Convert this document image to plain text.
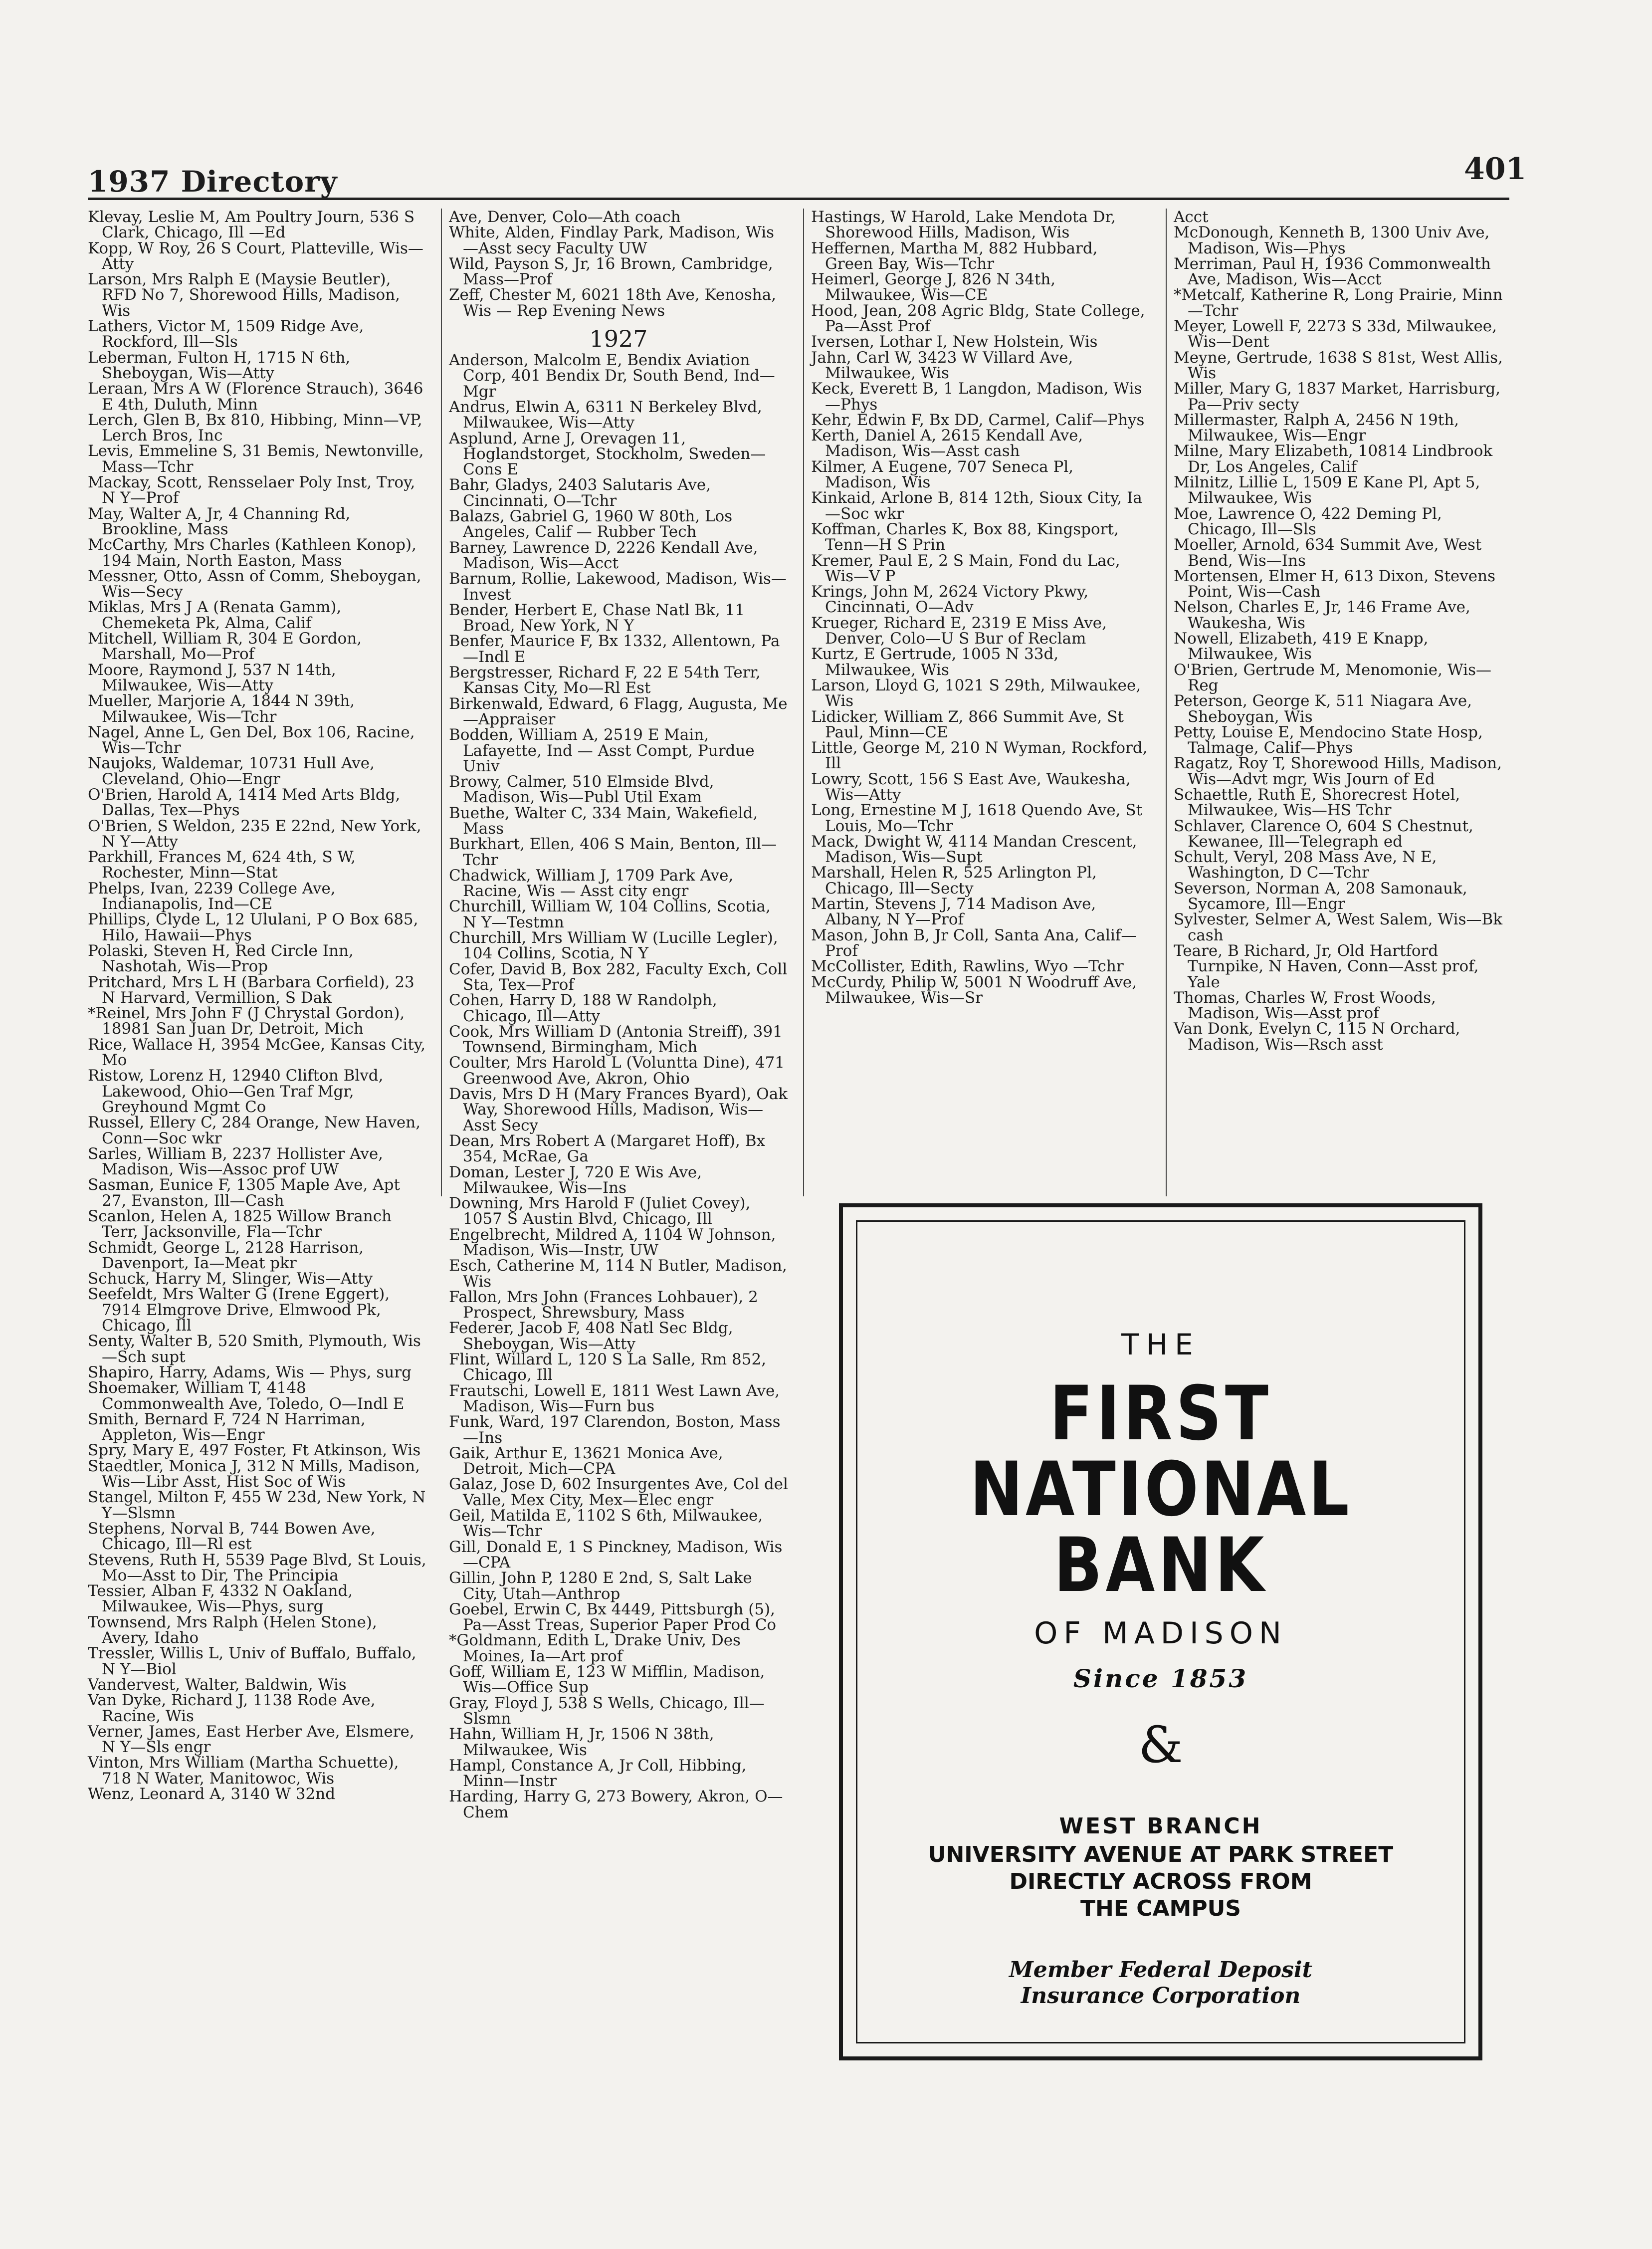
1937 Directory	401
Klevay, Leslie M, Am Poultry Journ, 536 S Clark, Chicago, Ill —Ed
Kopp, W Roy, 26 S Court, Platteville, Wis—Atty
Larson, Mrs Ralph E (Maysie Beutler), RFD No 7, Shorewood Hills, Madison, Wis
Lathers, Victor M, 1509 Ridge Ave, Rockford, Ill—Sls
Leberman, Fulton H, 1715 N 6th, Sheboygan, Wis—Atty
Leraan, Mrs A W (Florence Strauch), 3646 E 4th, Duluth, Minn
Lerch, Glen B, Bx 810, Hibbing, Minn—VP, Lerch Bros, Inc
Levis, Emmeline S, 31 Bemis, Newtonville, Mass—Tchr
Mackay, Scott, Rensselaer Poly Inst, Troy, N Y—Prof
May, Walter A, Jr, 4 Channing Rd, Brookline, Mass
McCarthy, Mrs Charles (Kathleen Konop), 194 Main, North Easton, Mass
Messner, Otto, Assn of Comm, Sheboygan, Wis—Secy
Miklas, Mrs J A (Renata Gamm), Chemeketa Pk, Alma, Calif
Mitchell, William R, 304 E Gordon, Marshall, Mo—Prof
Moore, Raymond J, 537 N 14th, Milwaukee, Wis—Atty
Mueller, Marjorie A, 1844 N 39th, Milwaukee, Wis—Tchr
Nagel, Anne L, Gen Del, Box 106, Racine, Wis—Tchr
Naujoks, Waldemar, 10731 Hull Ave, Cleveland, Ohio—Engr
O'Brien, Harold A, 1414 Med Arts Bldg, Dallas, Tex—Phys
O'Brien, S Weldon, 235 E 22nd, New York, N Y—Atty
Parkhill, Frances M, 624 4th, S W, Rochester, Minn—Stat
Phelps, Ivan, 2239 College Ave, Indianapolis, Ind—CE
Phillips, Clyde L, 12 Ululani, P O Box 685, Hilo, Hawaii—Phys
Polaski, Steven H, Red Circle Inn, Nashotah, Wis—Prop
Pritchard, Mrs L H (Barbara Corfield), 23 N Harvard, Vermillion, S Dak
*Reinel, Mrs John F (J Chrystal Gordon), 18981 San Juan Dr, Detroit, Mich
Rice, Wallace H, 3954 McGee, Kansas City, Mo
Ristow, Lorenz H, 12940 Clifton Blvd, Lakewood, Ohio—Gen Traf Mgr, Greyhound Mgmt Co
Russel, Ellery C, 284 Orange, New Haven, Conn—Soc wkr
Sarles, William B, 2237 Hollister Ave, Madison, Wis—Assoc prof UW
Sasman, Eunice F, 1305 Maple Ave, Apt 27, Evanston, Ill—Cash
Scanlon, Helen A, 1825 Willow Branch Terr, Jacksonville, Fla—Tchr
Schmidt, George L, 2128 Harrison, Davenport, Ia—Meat pkr
Schuck, Harry M, Slinger, Wis—Atty
Seefeldt, Mrs Walter G (Irene Eggert), 7914 Elmgrove Drive, Elmwood Pk, Chicago, Ill
Senty, Walter B, 520 Smith, Plymouth, Wis—Sch supt
Shapiro, Harry, Adams, Wis — Phys, surg
Shoemaker, William T, 4148 Commonwealth Ave, Toledo, O—Indl E
Smith, Bernard F, 724 N Harriman, Appleton, Wis—Engr
Spry, Mary E, 497 Foster, Ft Atkinson, Wis
Staedtler, Monica J, 312 N Mills, Madison, Wis—Libr Asst, Hist Soc of Wis
Stangel, Milton F, 455 W 23d, New York, N Y—Slsmn
Stephens, Norval B, 744 Bowen Ave, Chicago, Ill—Rl est
Stevens, Ruth H, 5539 Page Blvd, St Louis, Mo—Asst to Dir, The Principia
Tessier, Alban F, 4332 N Oakland, Milwaukee, Wis—Phys, surg
Townsend, Mrs Ralph (Helen Stone), Avery, Idaho
Tressler, Willis L, Univ of Buffalo, Buffalo, N Y—Biol
Vandervest, Walter, Baldwin, Wis
Van Dyke, Richard J, 1138 Rode Ave, Racine, Wis
Verner, James, East Herber Ave, Elsmere, N Y—Sls engr
Vinton, Mrs William (Martha Schuette), 718 N Water, Manitowoc, Wis
Wenz, Leonard A, 3140 W 32nd
Ave, Denver, Colo—Ath coach
White, Alden, Findlay Park, Madison, Wis—Asst secy Faculty UW
Wild, Payson S, Jr, 16 Brown, Cambridge, Mass—Prof
Zeff, Chester M, 6021 18th Ave, Kenosha, Wis — Rep Evening News
1927
Anderson, Malcolm E, Bendix Aviation Corp, 401 Bendix Dr, South Bend, Ind—Mgr
Andrus, Elwin A, 6311 N Berkeley Blvd, Milwaukee, Wis—Atty
Asplund, Arne J, Orevagen 11, Hoglandstorget, Stockholm, Sweden—Cons E
Bahr, Gladys, 2403 Salutaris Ave, Cincinnati, O—Tchr
Balazs, Gabriel G, 1960 W 80th, Los Angeles, Calif — Rubber Tech
Barney, Lawrence D, 2226 Kendall Ave, Madison, Wis—Acct
Barnum, Rollie, Lakewood, Madison, Wis—Invest
Bender, Herbert E, Chase Natl Bk, 11 Broad, New York, N Y
Benfer, Maurice F, Bx 1332, Allentown, Pa—Indl E
Bergstresser, Richard F, 22 E 54th Terr, Kansas City, Mo—Rl Est
Birkenwald, Edward, 6 Flagg, Augusta, Me—Appraiser
Bodden, William A, 2519 E Main, Lafayette, Ind — Asst Compt, Purdue Univ
Browy, Calmer, 510 Elmside Blvd, Madison, Wis—Publ Util Exam
Buethe, Walter C, 334 Main, Wakefield, Mass
Burkhart, Ellen, 406 S Main, Benton, Ill—Tchr
Chadwick, William J, 1709 Park Ave, Racine, Wis — Asst city engr
Churchill, William W, 104 Collins, Scotia, N Y—Testmn
Churchill, Mrs William W (Lucille Legler), 104 Collins, Scotia, N Y
Cofer, David B, Box 282, Faculty Exch, Coll Sta, Tex—Prof
Cohen, Harry D, 188 W Randolph, Chicago, Ill—Atty
Cook, Mrs William D (Antonia Streiff), 391 Townsend, Birmingham, Mich
Coulter, Mrs Harold L (Voluntta Dine), 471 Greenwood Ave, Akron, Ohio
Davis, Mrs D H (Mary Frances Byard), Oak Way, Shorewood Hills, Madison, Wis—Asst Secy
Dean, Mrs Robert A (Margaret Hoff), Bx 354, McRae, Ga
Doman, Lester J, 720 E Wis Ave, Milwaukee, Wis—Ins
Downing, Mrs Harold F (Juliet Covey), 1057 S Austin Blvd, Chicago, Ill
Engelbrecht, Mildred A, 1104 W Johnson, Madison, Wis—Instr, UW
Esch, Catherine M, 114 N Butler, Madison, Wis
Fallon, Mrs John (Frances Lohbauer), 2 Prospect, Shrewsbury, Mass
Federer, Jacob F, 408 Natl Sec Bldg, Sheboygan, Wis—Atty
Flint, Willard L, 120 S La Salle, Rm 852, Chicago, Ill
Frautschi, Lowell E, 1811 West Lawn Ave, Madison, Wis—Furn bus
Funk, Ward, 197 Clarendon, Boston, Mass—Ins
Gaik, Arthur E, 13621 Monica Ave, Detroit, Mich—CPA
Galaz, Jose D, 602 Insurgentes Ave, Col del Valle, Mex City, Mex—Elec engr
Geil, Matilda E, 1102 S 6th, Milwaukee, Wis—Tchr
Gill, Donald E, 1 S Pinckney, Madison, Wis—CPA
Gillin, John P, 1280 E 2nd, S, Salt Lake City, Utah—Anthrop
Goebel, Erwin C, Bx 4449, Pittsburgh (5), Pa—Asst Treas, Superior Paper Prod Co
*Goldmann, Edith L, Drake Univ, Des Moines, Ia—Art prof
Goff, William E, 123 W Mifflin, Madison, Wis—Office Sup
Gray, Floyd J, 538 S Wells, Chicago, Ill—Slsmn
Hahn, William H, Jr, 1506 N 38th, Milwaukee, Wis
Hampl, Constance A, Jr Coll, Hibbing, Minn—Instr
Harding, Harry G, 273 Bowery, Akron, O—Chem
Hastings, W Harold, Lake Mendota Dr, Shorewood Hills, Madison, Wis
Heffernen, Martha M, 882 Hubbard, Green Bay, Wis—Tchr
Heimerl, George J, 826 N 34th, Milwaukee, Wis—CE
Hood, Jean, 208 Agric Bldg, State College, Pa—Asst Prof
Iversen, Lothar I, New Holstein, Wis
Jahn, Carl W, 3423 W Villard Ave, Milwaukee, Wis
Keck, Everett B, 1 Langdon, Madison, Wis—Phys
Kehr, Edwin F, Bx DD, Carmel, Calif—Phys
Kerth, Daniel A, 2615 Kendall Ave, Madison, Wis—Asst cash
Kilmer, A Eugene, 707 Seneca Pl, Madison, Wis
Kinkaid, Arlone B, 814 12th, Sioux City, Ia—Soc wkr
Koffman, Charles K, Box 88, Kingsport, Tenn—H S Prin
Kremer, Paul E, 2 S Main, Fond du Lac, Wis—V P
Krings, John M, 2624 Victory Pkwy, Cincinnati, O—Adv
Krueger, Richard E, 2319 E Miss Ave, Denver, Colo—U S Bur of Reclam
Kurtz, E Gertrude, 1005 N 33d, Milwaukee, Wis
Larson, Lloyd G, 1021 S 29th, Milwaukee, Wis
Lidicker, William Z, 866 Summit Ave, St Paul, Minn—CE
Little, George M, 210 N Wyman, Rockford, Ill
Lowry, Scott, 156 S East Ave, Waukesha, Wis—Atty
Long, Ernestine M J, 1618 Quendo Ave, St Louis, Mo—Tchr
Mack, Dwight W, 4114 Mandan Crescent, Madison, Wis—Supt
Marshall, Helen R, 525 Arlington Pl, Chicago, Ill—Secty
Martin, Stevens J, 714 Madison Ave, Albany, N Y—Prof
Mason, John B, Jr Coll, Santa Ana, Calif—Prof
McCollister, Edith, Rawlins, Wyo —Tchr
McCurdy, Philip W, 5001 N Woodruff Ave, Milwaukee, Wis—Sr
Acct
McDonough, Kenneth B, 1300 Univ Ave, Madison, Wis—Phys
Merriman, Paul H, 1936 Commonwealth Ave, Madison, Wis—Acct
*Metcalf, Katherine R, Long Prairie, Minn—Tchr
Meyer, Lowell F, 2273 S 33d, Milwaukee, Wis—Dent
Meyne, Gertrude, 1638 S 81st, West Allis, Wis
Miller, Mary G, 1837 Market, Harrisburg, Pa—Priv secty
Millermaster, Ralph A, 2456 N 19th, Milwaukee, Wis—Engr
Milne, Mary Elizabeth, 10814 Lindbrook Dr, Los Angeles, Calif
Milnitz, Lillie L, 1509 E Kane Pl, Apt 5, Milwaukee, Wis
Moe, Lawrence O, 422 Deming Pl, Chicago, Ill—Sls
Moeller, Arnold, 634 Summit Ave, West Bend, Wis—Ins
Mortensen, Elmer H, 613 Dixon, Stevens Point, Wis—Cash
Nelson, Charles E, Jr, 146 Frame Ave, Waukesha, Wis
Nowell, Elizabeth, 419 E Knapp, Milwaukee, Wis
O'Brien, Gertrude M, Menomonie, Wis—Reg
Peterson, George K, 511 Niagara Ave, Sheboygan, Wis
Petty, Louise E, Mendocino State Hosp, Talmage, Calif—Phys
Ragatz, Roy T, Shorewood Hills, Madison, Wis—Advt mgr, Wis Journ of Ed
Schaettle, Ruth E, Shorecrest Hotel, Milwaukee, Wis—HS Tchr
Schlaver, Clarence O, 604 S Chestnut, Kewanee, Ill—Telegraph ed
Schult, Veryl, 208 Mass Ave, N E, Washington, D C—Tchr
Severson, Norman A, 208 Samonauk, Sycamore, Ill—Engr
Sylvester, Selmer A, West Salem, Wis—Bk cash
Teare, B Richard, Jr, Old Hartford Turnpike, N Haven, Conn—Asst prof, Yale
Thomas, Charles W, Frost Woods, Madison, Wis—Asst prof
Van Donk, Evelyn C, 115 N Orchard, Madison, Wis—Rsch asst
THE
FIRST
NATIONAL
BANK
OF MADISON
Since 1853
&
WEST BRANCH
UNIVERSITY AVENUE AT PARK STREET
DIRECTLY ACROSS FROM
THE CAMPUS
Member Federal Deposit
Insurance Corporation
